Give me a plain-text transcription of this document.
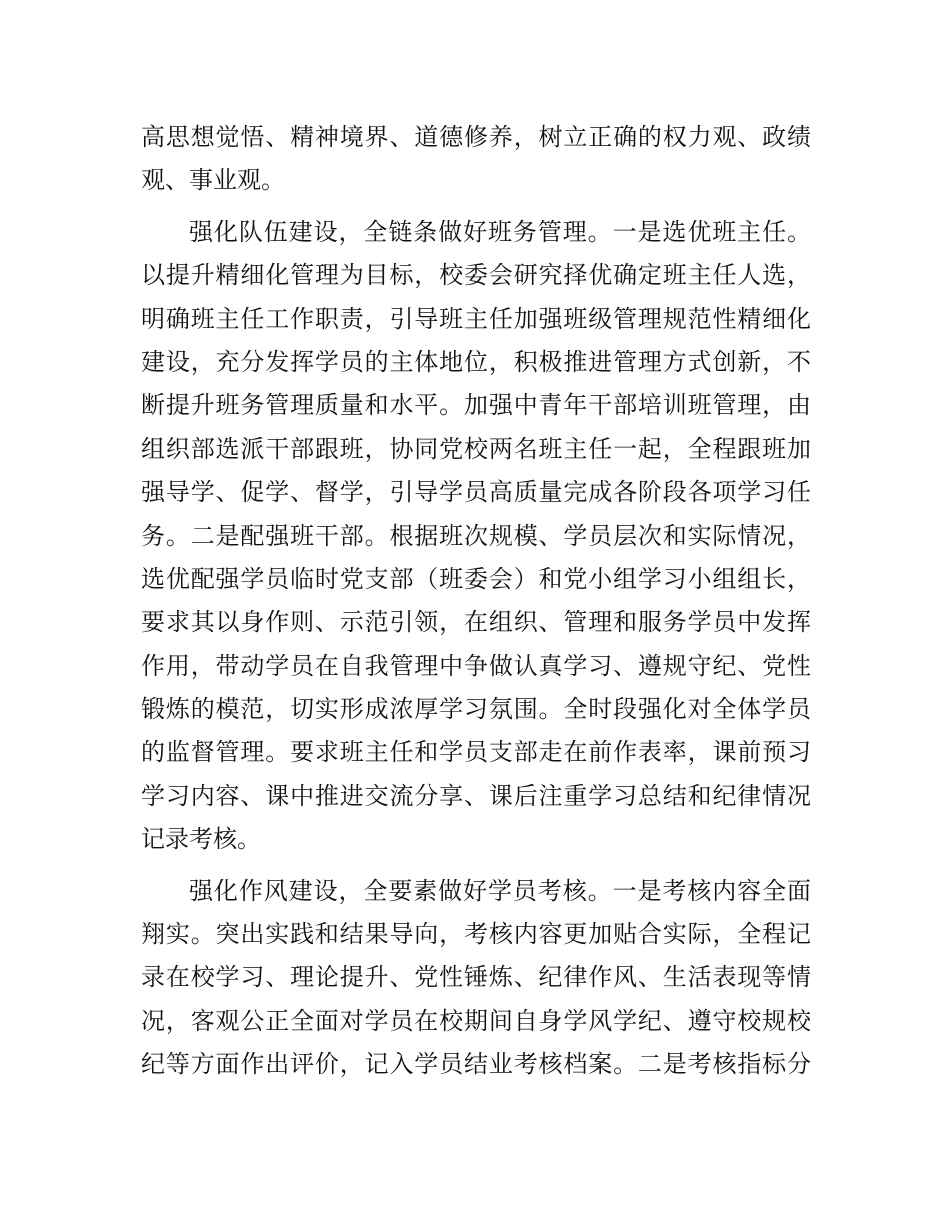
高思想觉悟、精神境界、道德修养，树立正确的权力观、政绩
观、事业观。
强化队伍建设，全链条做好班务管理。一是选优班主任。
以提升精细化管理为目标，校委会研究择优确定班主任人选，
明确班主任工作职责，引导班主任加强班级管理规范性精细化
建设，充分发挥学员的主体地位，积极推进管理方式创新，不
断提升班务管理质量和水平。加强中青年干部培训班管理，由
组织部选派干部跟班，协同党校两名班主任一起，全程跟班加
强导学、促学、督学，引导学员高质量完成各阶段各项学习任
务。二是配强班干部。根据班次规模、学员层次和实际情况，
选优配强学员临时党支部（班委会）和党小组学习小组组长，
要求其以身作则、示范引领，在组织、管理和服务学员中发挥
作用，带动学员在自我管理中争做认真学习、遵规守纪、党性
锻炼的模范，切实形成浓厚学习氛围。全时段强化对全体学员
的监督管理。要求班主任和学员支部走在前作表率，课前预习
学习内容、课中推进交流分享、课后注重学习总结和纪律情况
记录考核。
强化作风建设，全要素做好学员考核。一是考核内容全面
翔实。突出实践和结果导向，考核内容更加贴合实际，全程记
录在校学习、理论提升、党性锤炼、纪律作风、生活表现等情
况，客观公正全面对学员在校期间自身学风学纪、遵守校规校
纪等方面作出评价，记入学员结业考核档案。二是考核指标分
